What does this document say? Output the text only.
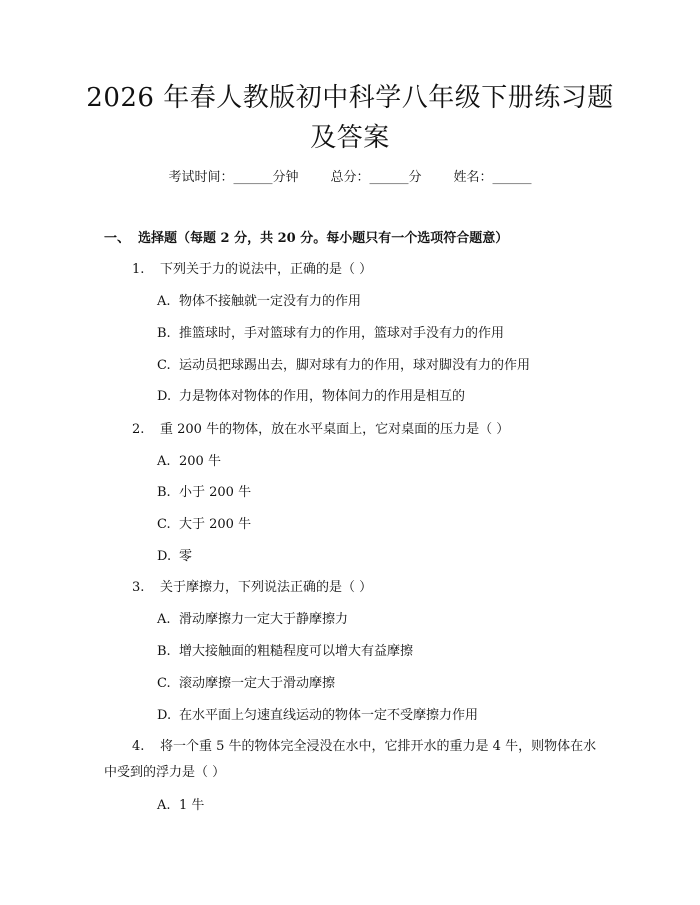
2026 年春人教版初中科学八年级下册练习题
及答案
考试时间：______分钟 总分：______分 姓名：______
一、 选择题（每题 2 分，共 20 分。每小题只有一个选项符合题意）
1. 下列关于力的说法中，正确的是（ ）
A. 物体不接触就一定没有力的作用
B. 推篮球时，手对篮球有力的作用，篮球对手没有力的作用
C. 运动员把球踢出去，脚对球有力的作用，球对脚没有力的作用
D. 力是物体对物体的作用，物体间力的作用是相互的
2. 重 200 牛的物体，放在水平桌面上，它对桌面的压力是（ ）
A. 200 牛
B. 小于 200 牛
C. 大于 200 牛
D. 零
3. 关于摩擦力，下列说法正确的是（ ）
A. 滑动摩擦力一定大于静摩擦力
B. 增大接触面的粗糙程度可以增大有益摩擦
C. 滚动摩擦一定大于滑动摩擦
D. 在水平面上匀速直线运动的物体一定不受摩擦力作用
4.	将一个重 5 牛的物体完全浸没在水中，它排开水的重力是 4 牛，则物体在水中受到的浮力是（ ）

A. 1 牛
